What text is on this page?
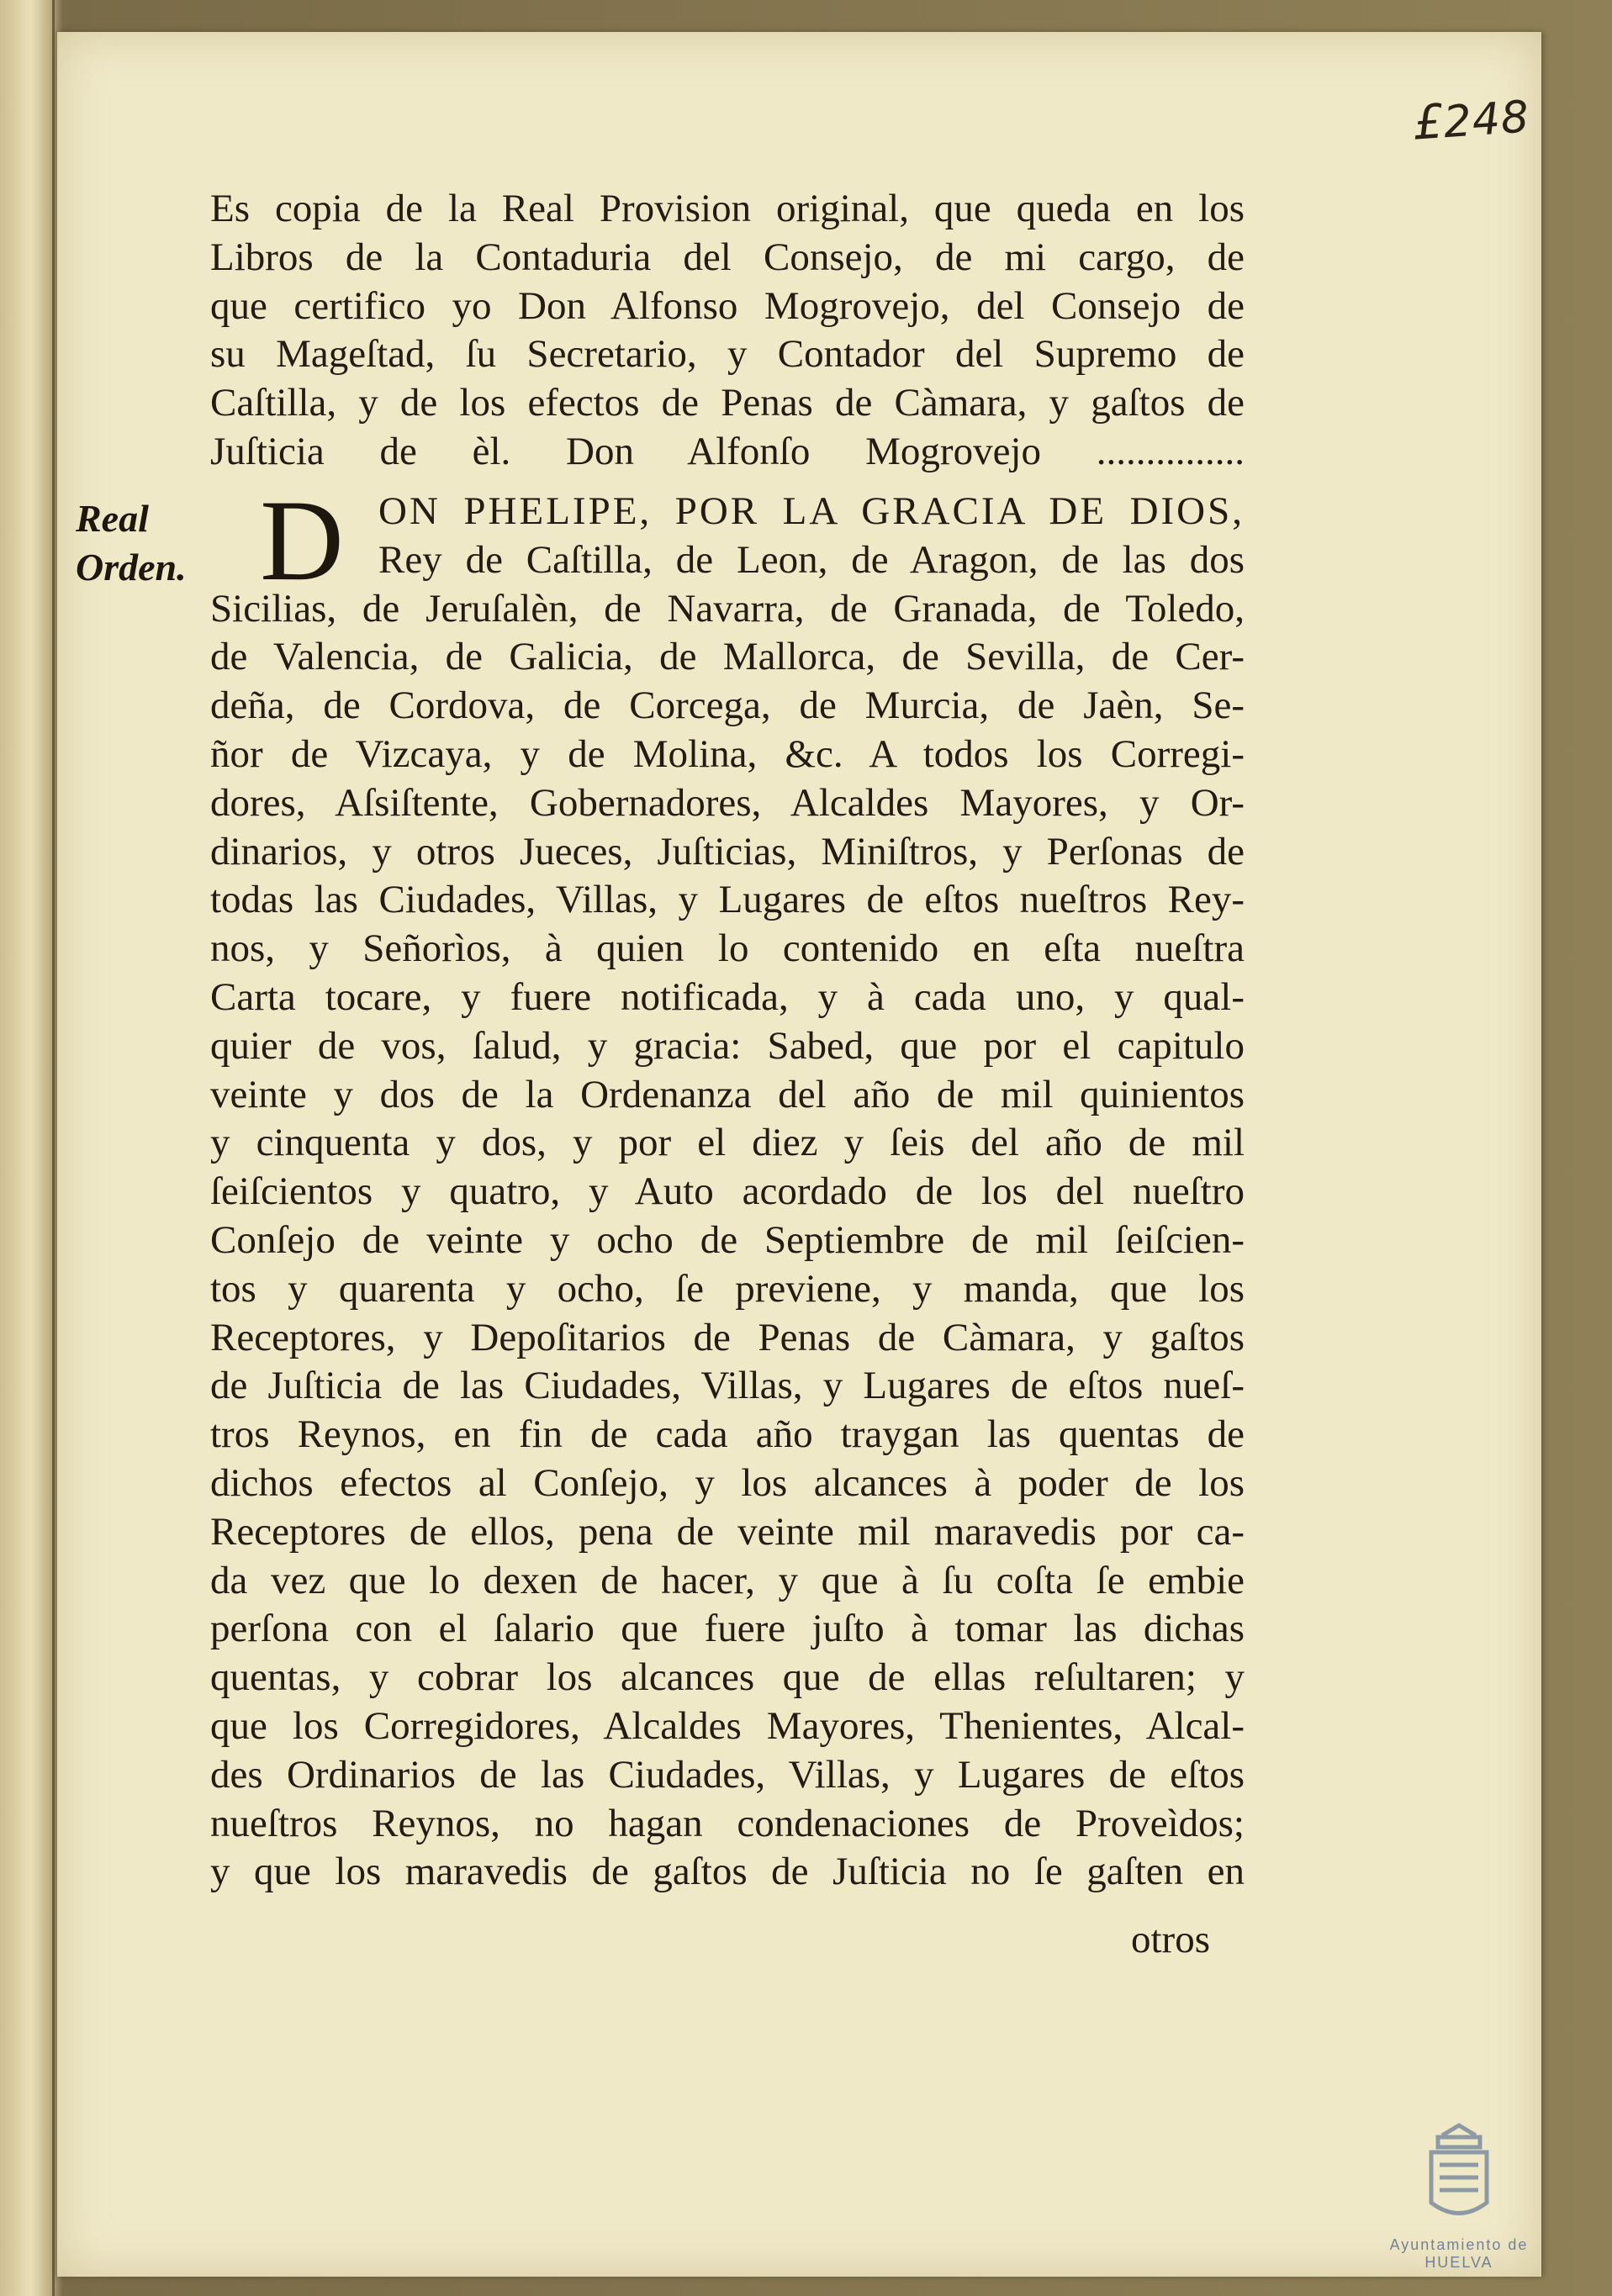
£248
Es copia de la Real Provision original, que queda en los
Libros de la Contaduria del Consejo, de mi cargo, de
que certifico yo Don Alfonso Mogrovejo, del Consejo de
su Mageſtad, ſu Secretario, y Contador del Supremo de
Caſtilla, y de los efectos de Penas de Càmara, y gaſtos de
Juſticia de èl. Don Alfonſo Mogrovejo ...............
Real Orden. D ON PHELIPE, POR LA GRACIA DE DIOS,
Rey de Caſtilla, de Leon, de Aragon, de las dos
Sicilias, de Jeruſalèn, de Navarra, de Granada, de Toledo,
de Valencia, de Galicia, de Mallorca, de Sevilla, de Cer-
deña, de Cordova, de Corcega, de Murcia, de Jaèn, Se-
ñor de Vizcaya, y de Molina, &c. A todos los Corregi-
dores, Aſsiſtente, Gobernadores, Alcaldes Mayores, y Or-
dinarios, y otros Jueces, Juſticias, Miniſtros, y Perſonas de
todas las Ciudades, Villas, y Lugares de eſtos nueſtros Rey-
nos, y Señorìos, à quien lo contenido en eſta nueſtra
Carta tocare, y fuere notificada, y à cada uno, y qual-
quier de vos, ſalud, y gracia: Sabed, que por el capitulo
veinte y dos de la Ordenanza del año de mil quinientos
y cinquenta y dos, y por el diez y ſeis del año de mil
ſeiſcientos y quatro, y Auto acordado de los del nueſtro
Conſejo de veinte y ocho de Septiembre de mil ſeiſcien-
tos y quarenta y ocho, ſe previene, y manda, que los
Receptores, y Depoſitarios de Penas de Càmara, y gaſtos
de Juſticia de las Ciudades, Villas, y Lugares de eſtos nueſ-
tros Reynos, en fin de cada año traygan las quentas de
dichos efectos al Conſejo, y los alcances à poder de los
Receptores de ellos, pena de veinte mil maravedis por ca-
da vez que lo dexen de hacer, y que à ſu coſta ſe embie
perſona con el ſalario que fuere juſto à tomar las dichas
quentas, y cobrar los alcances que de ellas reſultaren; y
que los Corregidores, Alcaldes Mayores, Thenientes, Alcal-
des Ordinarios de las Ciudades, Villas, y Lugares de eſtos
nueſtros Reynos, no hagan condenaciones de Proveìdos;
y que los maravedis de gaſtos de Juſticia no ſe gaſten en
otros
Ayuntamiento de HUELVA
